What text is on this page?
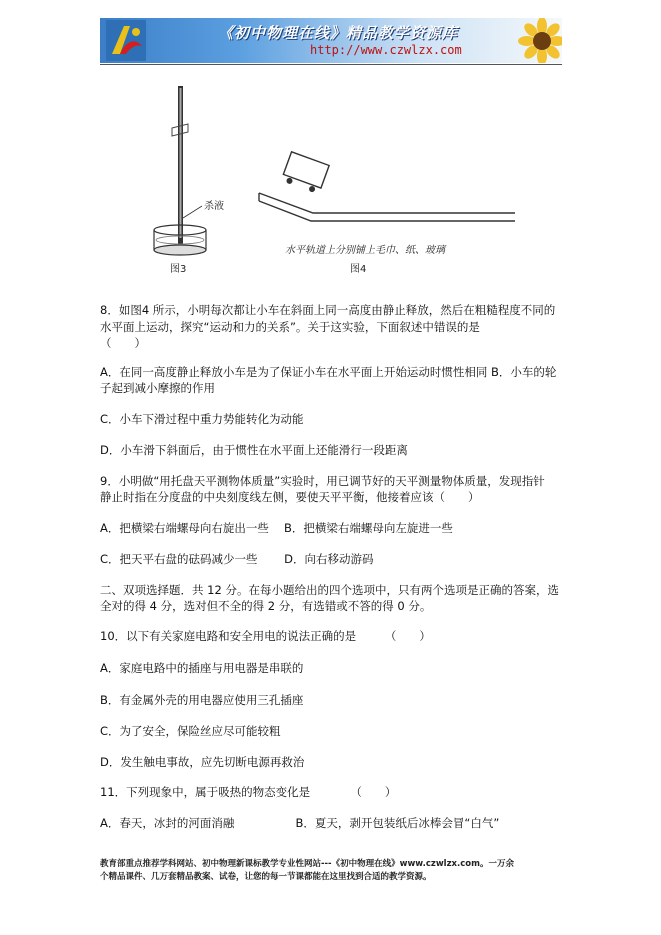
《初中物理在线》精品教学资源库
http://www.czwlzx.com
杀液
图3
水平轨道上分别铺上毛巾、纸、玻璃
图4
8．如图4 所示，小明每次都让小车在斜面上同一高度由静止释放，然后在粗糙程度不同的
水平面上运动，探究“运动和力的关系”。关于这实验，下面叙述中错误的是
（　　）
A．在同一高度静止释放小车是为了保证小车在水平面上开始运动时惯性相同 B．小车的轮
子起到减小摩擦的作用
C．小车下滑过程中重力势能转化为动能
D．小车滑下斜面后，由于惯性在水平面上还能滑行一段距离
9．小明做“用托盘天平测物体质量”实验时，用已调节好的天平测量物体质量，发现指针
静止时指在分度盘的中央刻度线左侧，要使天平平衡，他接着应该（　　）
A．把横梁右端螺母向右旋出一些　 B．把横梁右端螺母向左旋进一些
C．把天平右盘的砝码减少一些　　 D．向右移动游码
二、双项选择题．共 12 分。在每小题给出的四个选项中，只有两个选项是正确的答案，选
全对的得 4 分，选对但不全的得 2 分，有选错或不答的得 0 分。
10．以下有关家庭电路和安全用电的说法正确的是　　　（　　）
A．家庭电路中的插座与用电器是串联的
B．有金属外壳的用电器应使用三孔插座
C．为了安全，保险丝应尽可能较粗
D．发生触电事故，应先切断电源再救治
11．下列现象中，属于吸热的物态变化是　　　　（　　）
A．春天，冰封的河面消融　　　　　 B．夏天，剥开包装纸后冰棒会冒“白气”
教育部重点推荐学科网站、初中物理新课标教学专业性网站---《初中物理在线》www.czwlzx.com。一万余
个精品课件、几万套精品教案、试卷，让您的每一节课都能在这里找到合适的教学资源。
